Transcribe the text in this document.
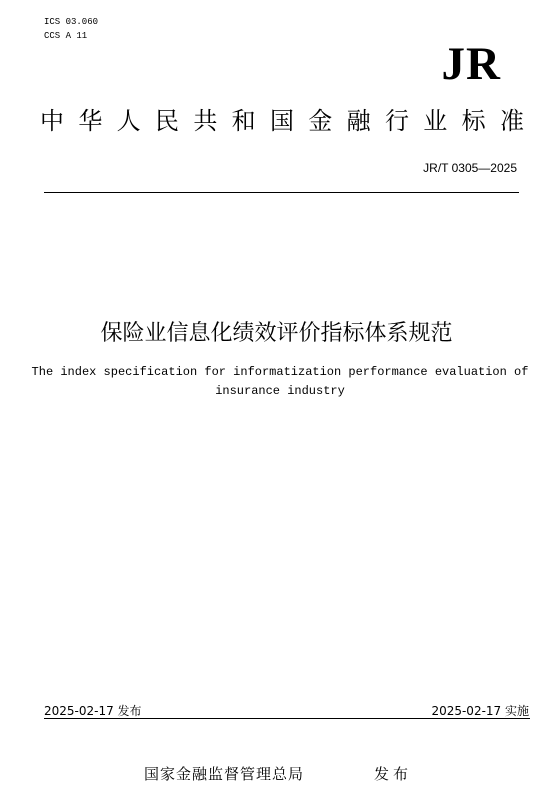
ICS 03.060
CCS A 11
JR
中 华 人 民 共 和 国 金 融 行 业 标 准
JR/T 0305—2025
保险业信息化绩效评价指标体系规范
The index specification for informatization performance evaluation of insurance industry
2025-02-17 发布	2025-02-17 实施
国家金融监督管理总局	发布
